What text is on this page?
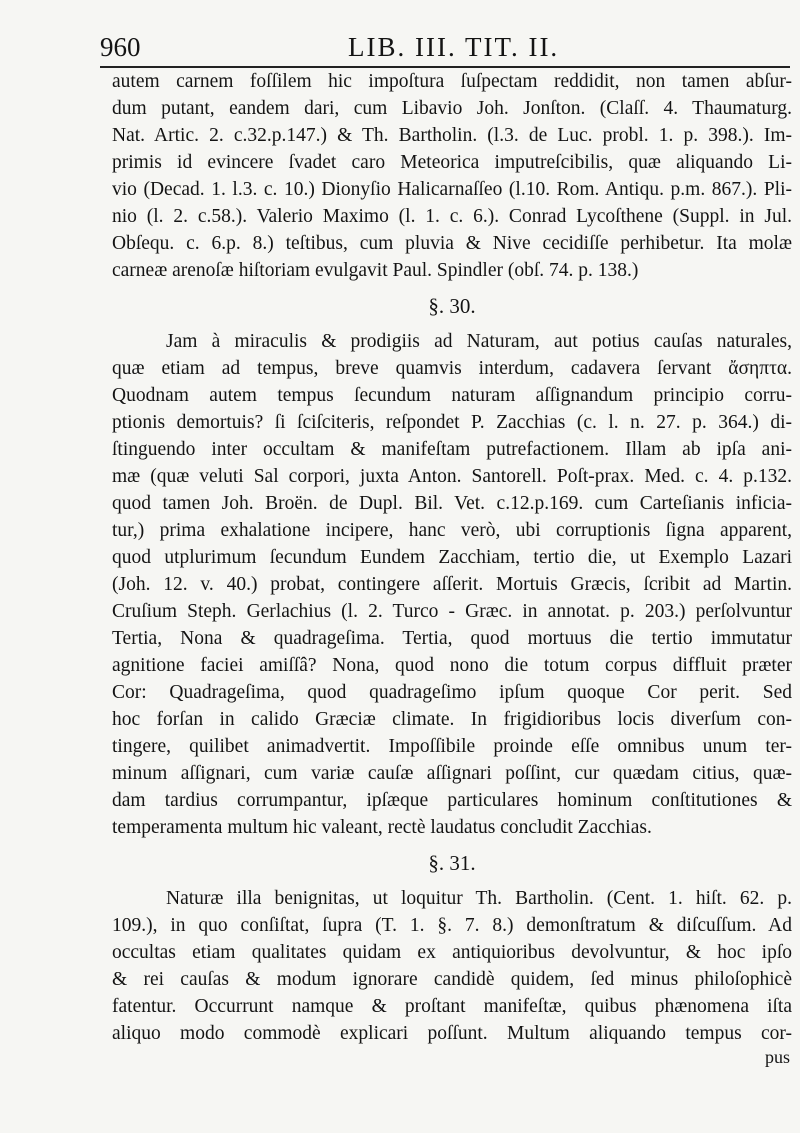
960	LIB. III. TIT. II.
autem carnem foſſilem hic impoſtura ſuſpectam reddidit, non tamen abſur-
dum putant, eandem dari, cum Libavio Joh. Jonſton. (Claſſ. 4. Thaumaturg.
Nat. Artic. 2. c.32.p.147.) & Th. Bartholin. (l.3. de Luc. probl. 1. p. 398.). Im-
primis id evincere ſvadet caro Meteorica imputreſcibilis, quæ aliquando Li-
vio (Decad. 1. l.3. c. 10.) Dionyſio Halicarnaſſeo (l.10. Rom. Antiqu. p.m. 867.). Pli-
nio (l. 2. c.58.). Valerio Maximo (l. 1. c. 6.). Conrad Lycoſthene (Suppl. in Jul.
Obſequ. c. 6.p. 8.) teſtibus, cum pluvia & Nive cecidiſſe perhibetur. Ita molæ
carneæ arenoſæ hiſtoriam evulgavit Paul. Spindler (obſ. 74. p. 138.)
§. 30.
Jam à miraculis & prodigiis ad Naturam, aut potius cauſas naturales,
quæ etiam ad tempus, breve quamvis interdum, cadavera ſervant ἄσηπτα.
Quodnam autem tempus ſecundum naturam aſſignandum principio corru-
ptionis demortuis? ſi ſciſciteris, reſpondet P. Zacchias (c. l. n. 27. p. 364.) di-
ſtinguendo inter occultam & manifeſtam putrefactionem. Illam ab ipſa ani-
mæ (quæ veluti Sal corpori, juxta Anton. Santorell. Poſt-prax. Med. c. 4. p.132.
quod tamen Joh. Broën. de Dupl. Bil. Vet. c.12.p.169. cum Carteſianis inficia-
tur,) prima exhalatione incipere, hanc verò, ubi corruptionis ſigna apparent,
quod utplurimum ſecundum Eundem Zacchiam, tertio die, ut Exemplo Lazari
(Joh. 12. v. 40.) probat, contingere aſſerit. Mortuis Græcis, ſcribit ad Martin.
Cruſium Steph. Gerlachius (l. 2. Turco - Græc. in annotat. p. 203.) perſolvuntur
Tertia, Nona & quadrageſima. Tertia, quod mortuus die tertio immutatur
agnitione faciei amiſſâ? Nona, quod nono die totum corpus diffluit præter
Cor: Quadrageſima, quod quadrageſimo ipſum quoque Cor perit. Sed
hoc forſan in calido Græciæ climate. In frigidioribus locis diverſum con-
tingere, quilibet animadvertit. Impoſſibile proinde eſſe omnibus unum ter-
minum aſſignari, cum variæ cauſæ aſſignari poſſint, cur quædam citius, quæ-
dam tardius corrumpantur, ipſæque particulares hominum conſtitutiones &
temperamenta multum hic valeant, rectè laudatus concludit Zacchias.
§. 31.
Naturæ illa benignitas, ut loquitur Th. Bartholin. (Cent. 1. hiſt. 62. p.
109.), in quo conſiſtat, ſupra (T. 1. §. 7. 8.) demonſtratum & diſcuſſum. Ad
occultas etiam qualitates quidam ex antiquioribus devolvuntur, & hoc ipſo
& rei cauſas & modum ignorare candidè quidem, ſed minus philoſophicè
fatentur. Occurrunt namque & proſtant manifeſtæ, quibus phænomena iſta
aliquo modo commodè explicari poſſunt. Multum aliquando tempus cor-
pus
